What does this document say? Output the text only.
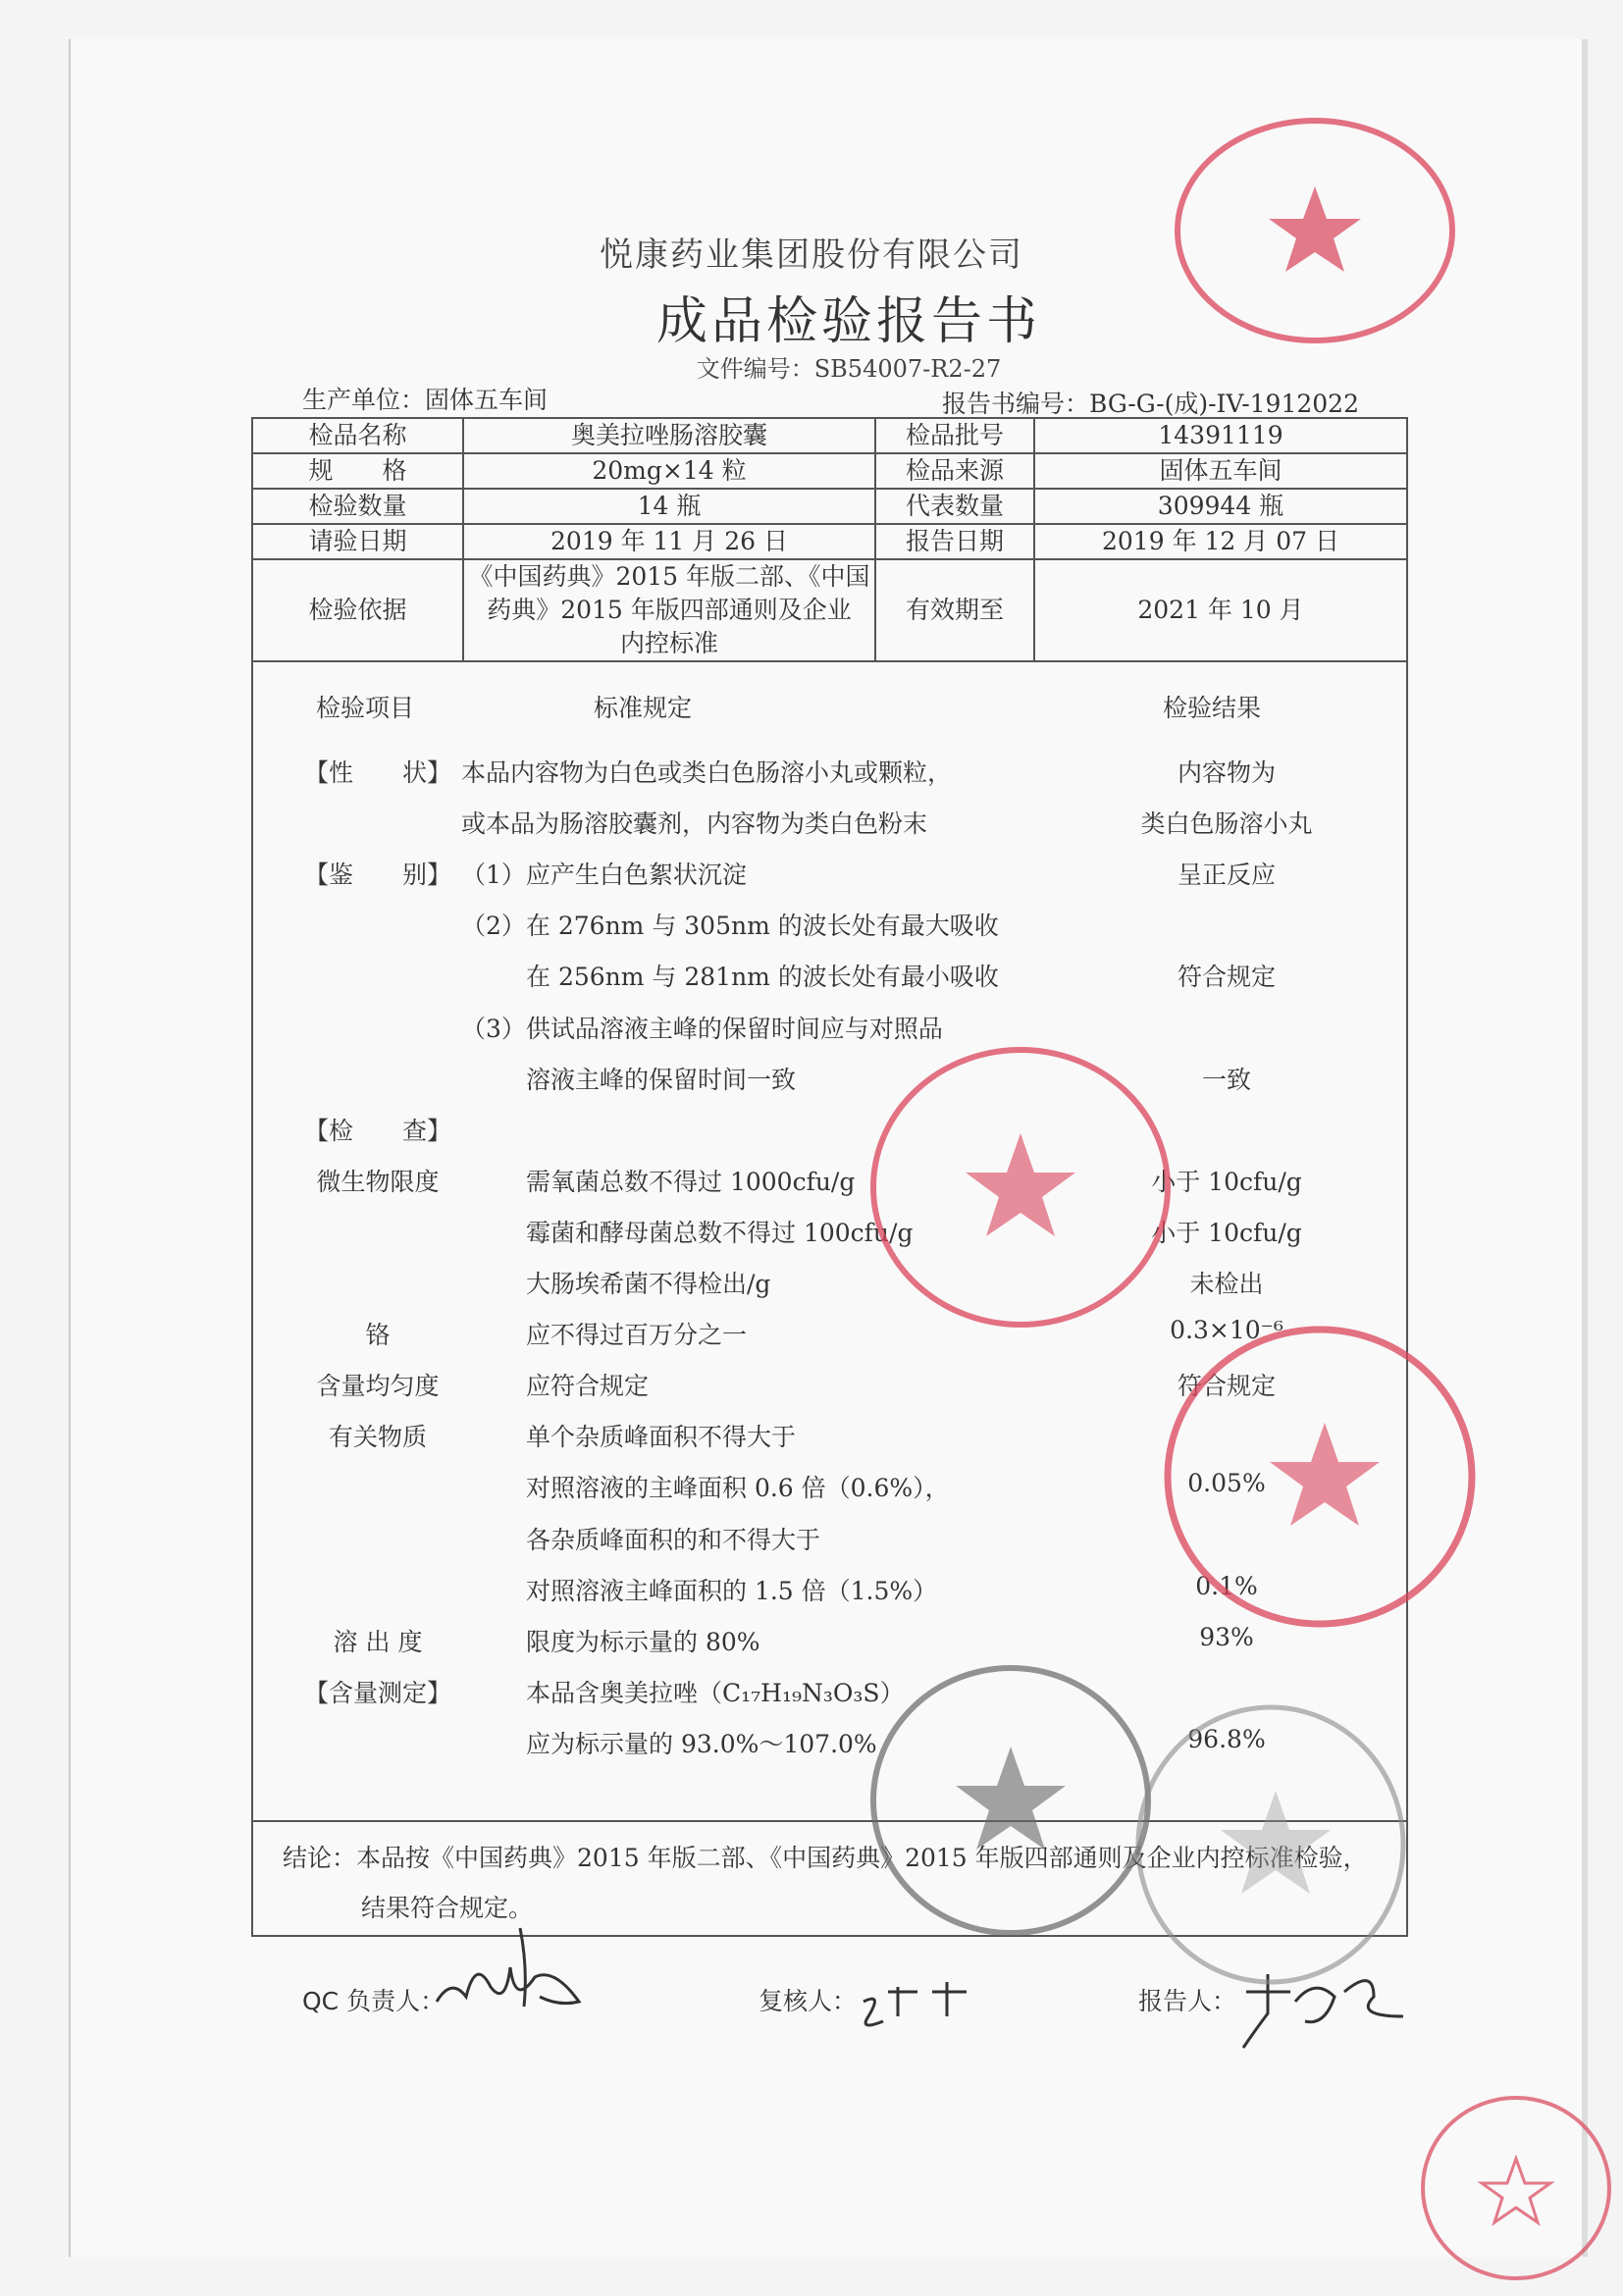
悦康药业集团股份有限公司
成品检验报告书
文件编号：SB54007-R2-27
生产单位：固体五车间	报告书编号：BG-G-(成)-IV-1912022
检品名称	奥美拉唑肠溶胶囊	检品批号	14391119
规　　格	20mg×14 粒	检品来源	固体五车间
检验数量	14 瓶	代表数量	309944 瓶
请验日期	2019 年 11 月 26 日	报告日期	2019 年 12 月 07 日
检验依据	《中国药典》2015 年版二部、《中国
药典》2015 年版四部通则及企业
内控标准	有效期至	2021 年 10 月
检验项目	标准规定	检验结果
【性　　状】 本品内容物为白色或类白色肠溶小丸或颗粒，	内容物为
或本品为肠溶胶囊剂，内容物为类白色粉末	类白色肠溶小丸
【鉴　　别】 （1）应产生白色絮状沉淀	呈正反应
（2）在 276nm 与 305nm 的波长处有最大吸收
在 256nm 与 281nm 的波长处有最小吸收	符合规定
（3）供试品溶液主峰的保留时间应与对照品
溶液主峰的保留时间一致	一致
【检　　查】
微生物限度	需氧菌总数不得过 1000cfu/g	小于 10cfu/g
霉菌和酵母菌总数不得过 100cfu/g	小于 10cfu/g
大肠埃希菌不得检出/g	未检出
铬	应不得过百万分之一	0.3×10⁻⁶
含量均匀度	应符合规定	符合规定
有关物质	单个杂质峰面积不得大于
对照溶液的主峰面积 0.6 倍（0.6%），	0.05%
各杂质峰面积的和不得大于
对照溶液主峰面积的 1.5 倍（1.5%）	0.1%
溶 出 度	限度为标示量的 80%	93%
【含量测定】	本品含奥美拉唑（C₁₇H₁₉N₃O₃S）
应为标示量的 93.0%～107.0%	96.8%
结论：本品按《中国药典》2015 年版二部、《中国药典》2015 年版四部通则及企业内控标准检验，
结果符合规定。
QC 负责人：	复核人：	报告人：
